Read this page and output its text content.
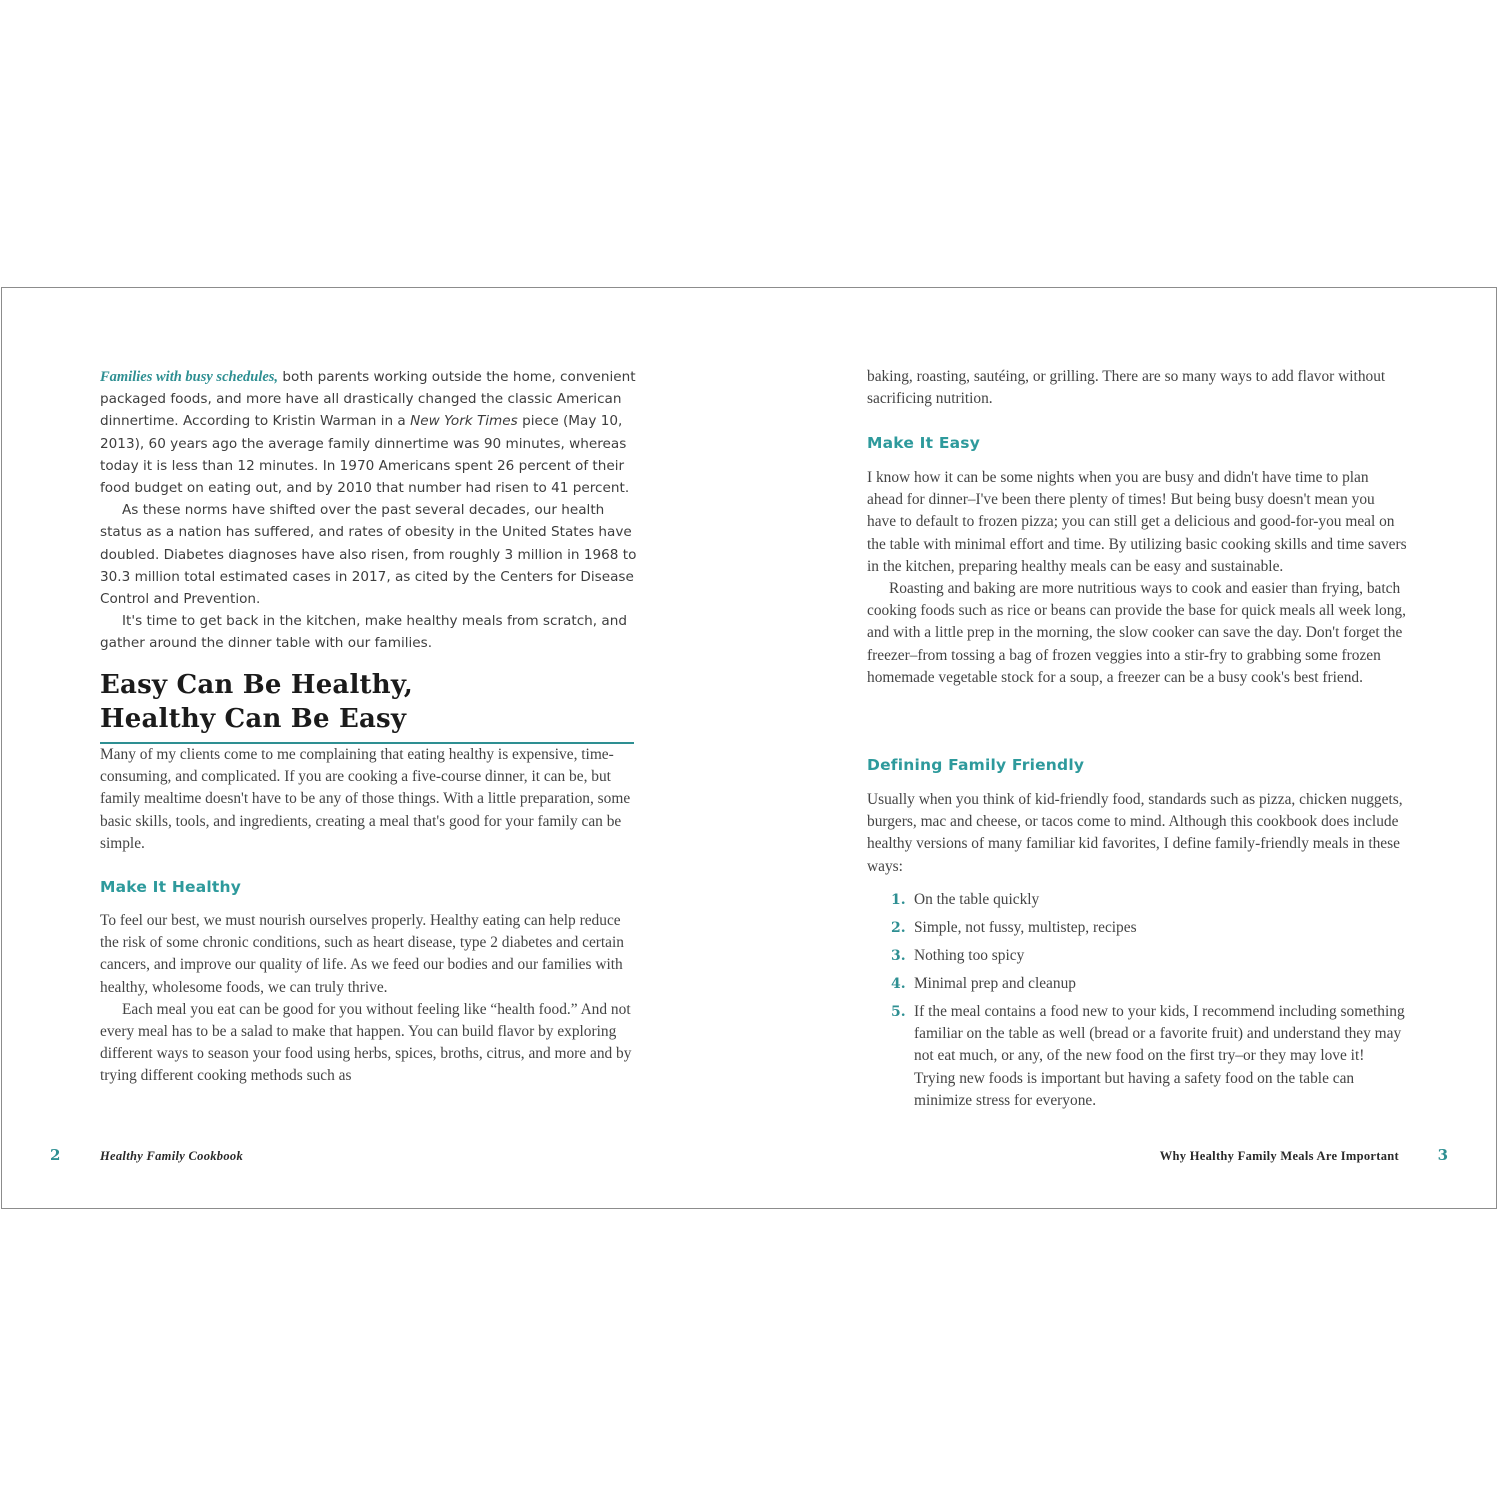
Families with busy schedules, both parents working outside the home, convenient packaged foods, and more have all drastically changed the classic American dinnertime. According to Kristin Warman in a New York Times piece (May 10, 2013), 60 years ago the average family dinnertime was 90 minutes, whereas today it is less than 12 minutes. In 1970 Americans spent 26 percent of their food budget on eating out, and by 2010 that number had risen to 41 percent.

As these norms have shifted over the past several decades, our health status as a nation has suffered, and rates of obesity in the United States have doubled. Diabetes diagnoses have also risen, from roughly 3 million in 1968 to 30.3 million total estimated cases in 2017, as cited by the Centers for Disease Control and Prevention.

It's time to get back in the kitchen, make healthy meals from scratch, and gather around the dinner table with our families.

Easy Can Be Healthy,
Healthy Can Be Easy

Many of my clients come to me complaining that eating healthy is expensive, time-consuming, and complicated. If you are cooking a five-course dinner, it can be, but family mealtime doesn't have to be any of those things. With a little preparation, some basic skills, tools, and ingredients, creating a meal that's good for your family can be simple.

Make It Healthy

To feel our best, we must nourish ourselves properly. Healthy eating can help reduce the risk of some chronic conditions, such as heart disease, type 2 diabetes and certain cancers, and improve our quality of life. As we feed our bodies and our families with healthy, wholesome foods, we can truly thrive.

Each meal you eat can be good for you without feeling like “health food.” And not every meal has to be a salad to make that happen. You can build flavor by exploring different ways to season your food using herbs, spices, broths, citrus, and more and by trying different cooking methods such as

2	Healthy Family Cookbook

baking, roasting, sautéing, or grilling. There are so many ways to add flavor without sacrificing nutrition.

Make It Easy

I know how it can be some nights when you are busy and didn't have time to plan ahead for dinner–I've been there plenty of times! But being busy doesn't mean you have to default to frozen pizza; you can still get a delicious and good-for-you meal on the table with minimal effort and time. By utilizing basic cooking skills and time savers in the kitchen, preparing healthy meals can be easy and sustainable.

Roasting and baking are more nutritious ways to cook and easier than frying, batch cooking foods such as rice or beans can provide the base for quick meals all week long, and with a little prep in the morning, the slow cooker can save the day. Don't forget the freezer–from tossing a bag of frozen veggies into a stir-fry to grabbing some frozen homemade vegetable stock for a soup, a freezer can be a busy cook's best friend.

Defining Family Friendly

Usually when you think of kid-friendly food, standards such as pizza, chicken nuggets, burgers, mac and cheese, or tacos come to mind. Although this cookbook does include healthy versions of many familiar kid favorites, I define family-friendly meals in these ways:

1. On the table quickly
2. Simple, not fussy, multistep, recipes
3. Nothing too spicy
4. Minimal prep and cleanup
5. If the meal contains a food new to your kids, I recommend including something familiar on the table as well (bread or a favorite fruit) and understand they may not eat much, or any, of the new food on the first try–or they may love it! Trying new foods is important but having a safety food on the table can minimize stress for everyone.
Why Healthy Family Meals Are Important	3
